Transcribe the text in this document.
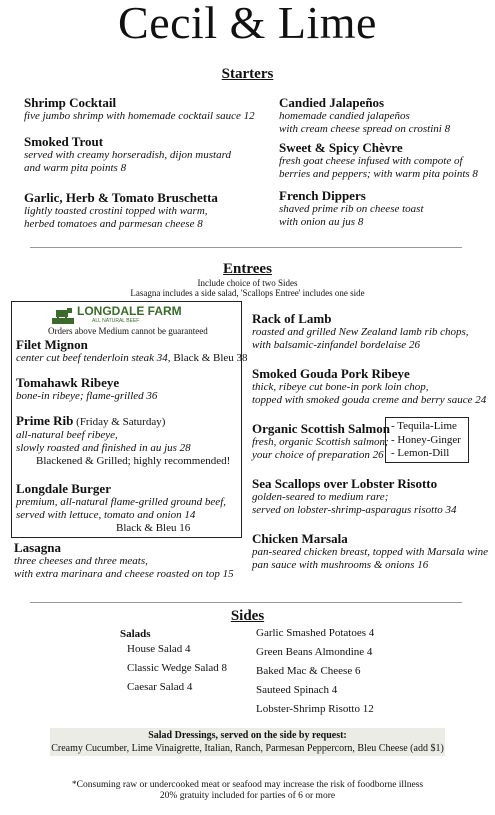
Cecil & Lime
Starters
Shrimp Cocktail
five jumbo shrimp with homemade cocktail sauce 12
Smoked Trout
served with creamy horseradish, dijon mustard
and warm pita points 8
Garlic, Herb & Tomato Bruschetta
lightly toasted crostini topped with warm,
herbed tomatoes and parmesan cheese 8
Candied Jalapeños
homemade candied jalapeños
with cream cheese spread on crostini 8
Sweet & Spicy Chèvre
fresh goat cheese infused with compote of
berries and peppers; with warm pita points 8
French Dippers
shaved prime rib on cheese toast
with onion au jus 8
Entrees
Include choice of two Sides
Lasagna includes a side salad, 'Scallops Entree' includes one side
LONGDALE FARM
ALL NATURAL BEEF
Orders above Medium cannot be guaranteed
Filet Mignon
center cut beef tenderloin steak 34, Black & Bleu 38
Tomahawk Ribeye
bone-in ribeye; flame-grilled 36
Prime Rib (Friday & Saturday)
all-natural beef ribeye,
slowly roasted and finished in au jus 28
Blackened & Grilled; highly recommended!
Longdale Burger
premium, all-natural flame-grilled ground beef,
served with lettuce, tomato and onion 14
Black & Bleu 16
Lasagna
three cheeses and three meats,
with extra marinara and cheese roasted on top 15
Rack of Lamb
roasted and grilled New Zealand lamb rib chops,
with balsamic-zinfandel bordelaise 26
Smoked Gouda Pork Ribeye
thick, ribeye cut bone-in pork loin chop,
topped with smoked gouda creme and berry sauce 24
Organic Scottish Salmon
fresh, organic Scottish salmon;
your choice of preparation 26
- Tequila-Lime
- Honey-Ginger
- Lemon-Dill
Sea Scallops over Lobster Risotto
golden-seared to medium rare;
served on lobster-shrimp-asparagus risotto 34
Chicken Marsala
pan-seared chicken breast, topped with Marsala wine
pan sauce with mushrooms & onions 16
Sides
Salads
House Salad 4
Classic Wedge Salad 8
Caesar Salad 4
Garlic Smashed Potatoes 4
Green Beans Almondine 4
Baked Mac & Cheese 6
Sauteed Spinach 4
Lobster-Shrimp Risotto 12
Salad Dressings, served on the side by request:
Creamy Cucumber, Lime Vinaigrette, Italian, Ranch, Parmesan Peppercorn, Bleu Cheese (add $1)
*Consuming raw or undercooked meat or seafood may increase the risk of foodborne illness
20% gratuity included for parties of 6 or more
